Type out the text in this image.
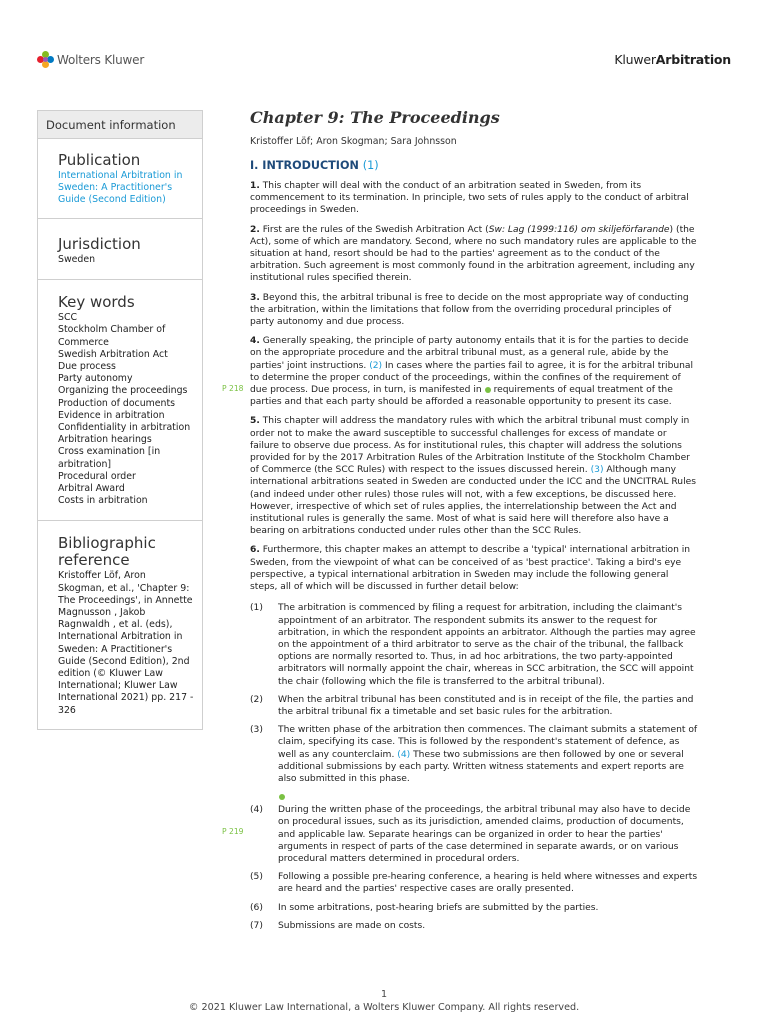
Wolters Kluwer	KluwerArbitration
Document information
Publication
International Arbitration in Sweden: A Practitioner's Guide (Second Edition)
Jurisdiction
Sweden
Key words
SCC
Stockholm Chamber of Commerce
Swedish Arbitration Act
Due process
Party autonomy
Organizing the proceedings
Production of documents
Evidence in arbitration
Confidentiality in arbitration
Arbitration hearings
Cross examination [in arbitration]
Procedural order
Arbitral Award
Costs in arbitration
Bibliographic reference
Kristoffer Löf, Aron Skogman, et al., 'Chapter 9: The Proceedings', in Annette Magnusson , Jakob Ragnwaldh , et al. (eds), International Arbitration in Sweden: A Practitioner's Guide (Second Edition), 2nd edition (© Kluwer Law International; Kluwer Law International 2021) pp. 217 - 326
P 218
P 219
Chapter 9: The Proceedings
Kristoffer Löf; Aron Skogman; Sara Johnsson
I. INTRODUCTION (1)

1. This chapter will deal with the conduct of an arbitration seated in Sweden, from its commencement to its termination. In principle, two sets of rules apply to the conduct of arbitral proceedings in Sweden.

2. First are the rules of the Swedish Arbitration Act (Sw: Lag (1999:116) om skiljeförfarande) (the Act), some of which are mandatory. Second, where no such mandatory rules are applicable to the situation at hand, resort should be had to the parties' agreement as to the conduct of the arbitration. Such agreement is most commonly found in the arbitration agreement, including any institutional rules specified therein.

3. Beyond this, the arbitral tribunal is free to decide on the most appropriate way of conducting the arbitration, within the limitations that follow from the overriding procedural principles of party autonomy and due process.

4. Generally speaking, the principle of party autonomy entails that it is for the parties to decide on the appropriate procedure and the arbitral tribunal must, as a general rule, abide by the parties' joint instructions. (2) In cases where the parties fail to agree, it is for the arbitral tribunal to determine the proper conduct of the proceedings, within the confines of the requirement of due process. Due process, in turn, is manifested in requirements of equal treatment of the parties and that each party should be afforded a reasonable opportunity to present its case.

5. This chapter will address the mandatory rules with which the arbitral tribunal must comply in order not to make the award susceptible to successful challenges for excess of mandate or failure to observe due process. As for institutional rules, this chapter will address the solutions provided for by the 2017 Arbitration Rules of the Arbitration Institute of the Stockholm Chamber of Commerce (the SCC Rules) with respect to the issues discussed herein. (3) Although many international arbitrations seated in Sweden are conducted under the ICC and the UNCITRAL Rules (and indeed under other rules) those rules will not, with a few exceptions, be discussed here. However, irrespective of which set of rules applies, the interrelationship between the Act and institutional rules is generally the same. Most of what is said here will therefore also have a bearing on arbitrations conducted under rules other than the SCC Rules.

6. Furthermore, this chapter makes an attempt to describe a 'typical' international arbitration in Sweden, from the viewpoint of what can be conceived of as 'best practice'. Taking a bird's eye perspective, a typical international arbitration in Sweden may include the following general steps, all of which will be discussed in further detail below:

(1)	The arbitration is commenced by filing a request for arbitration, including the claimant's appointment of an arbitrator. The respondent submits its answer to the request for arbitration, in which the respondent appoints an arbitrator. Although the parties may agree on the appointment of a third arbitrator to serve as the chair of the tribunal, the fallback options are normally resorted to. Thus, in ad hoc arbitrations, the two party-appointed arbitrators will normally appoint the chair, whereas in SCC arbitration, the SCC will appoint the chair (following which the file is transferred to the arbitral tribunal).
(2)	When the arbitral tribunal has been constituted and is in receipt of the file, the parties and the arbitral tribunal fix a timetable and set basic rules for the arbitration.
(3)	The written phase of the arbitration then commences. The claimant submits a statement of claim, specifying its case. This is followed by the respondent's statement of defence, as well as any counterclaim. (4) These two submissions are then followed by one or several additional submissions by each party. Written witness statements and expert reports are also submitted in this phase.
(4)	During the written phase of the proceedings, the arbitral tribunal may also have to decide on procedural issues, such as its jurisdiction, amended claims, production of documents, and applicable law. Separate hearings can be organized in order to hear the parties' arguments in respect of parts of the case determined in separate awards, or on various procedural matters determined in procedural orders.
(5)	Following a possible pre-hearing conference, a hearing is held where witnesses and experts are heard and the parties' respective cases are orally presented.
(6)	In some arbitrations, post-hearing briefs are submitted by the parties.
(7)	Submissions are made on costs.
1
© 2021 Kluwer Law International, a Wolters Kluwer Company. All rights reserved.
